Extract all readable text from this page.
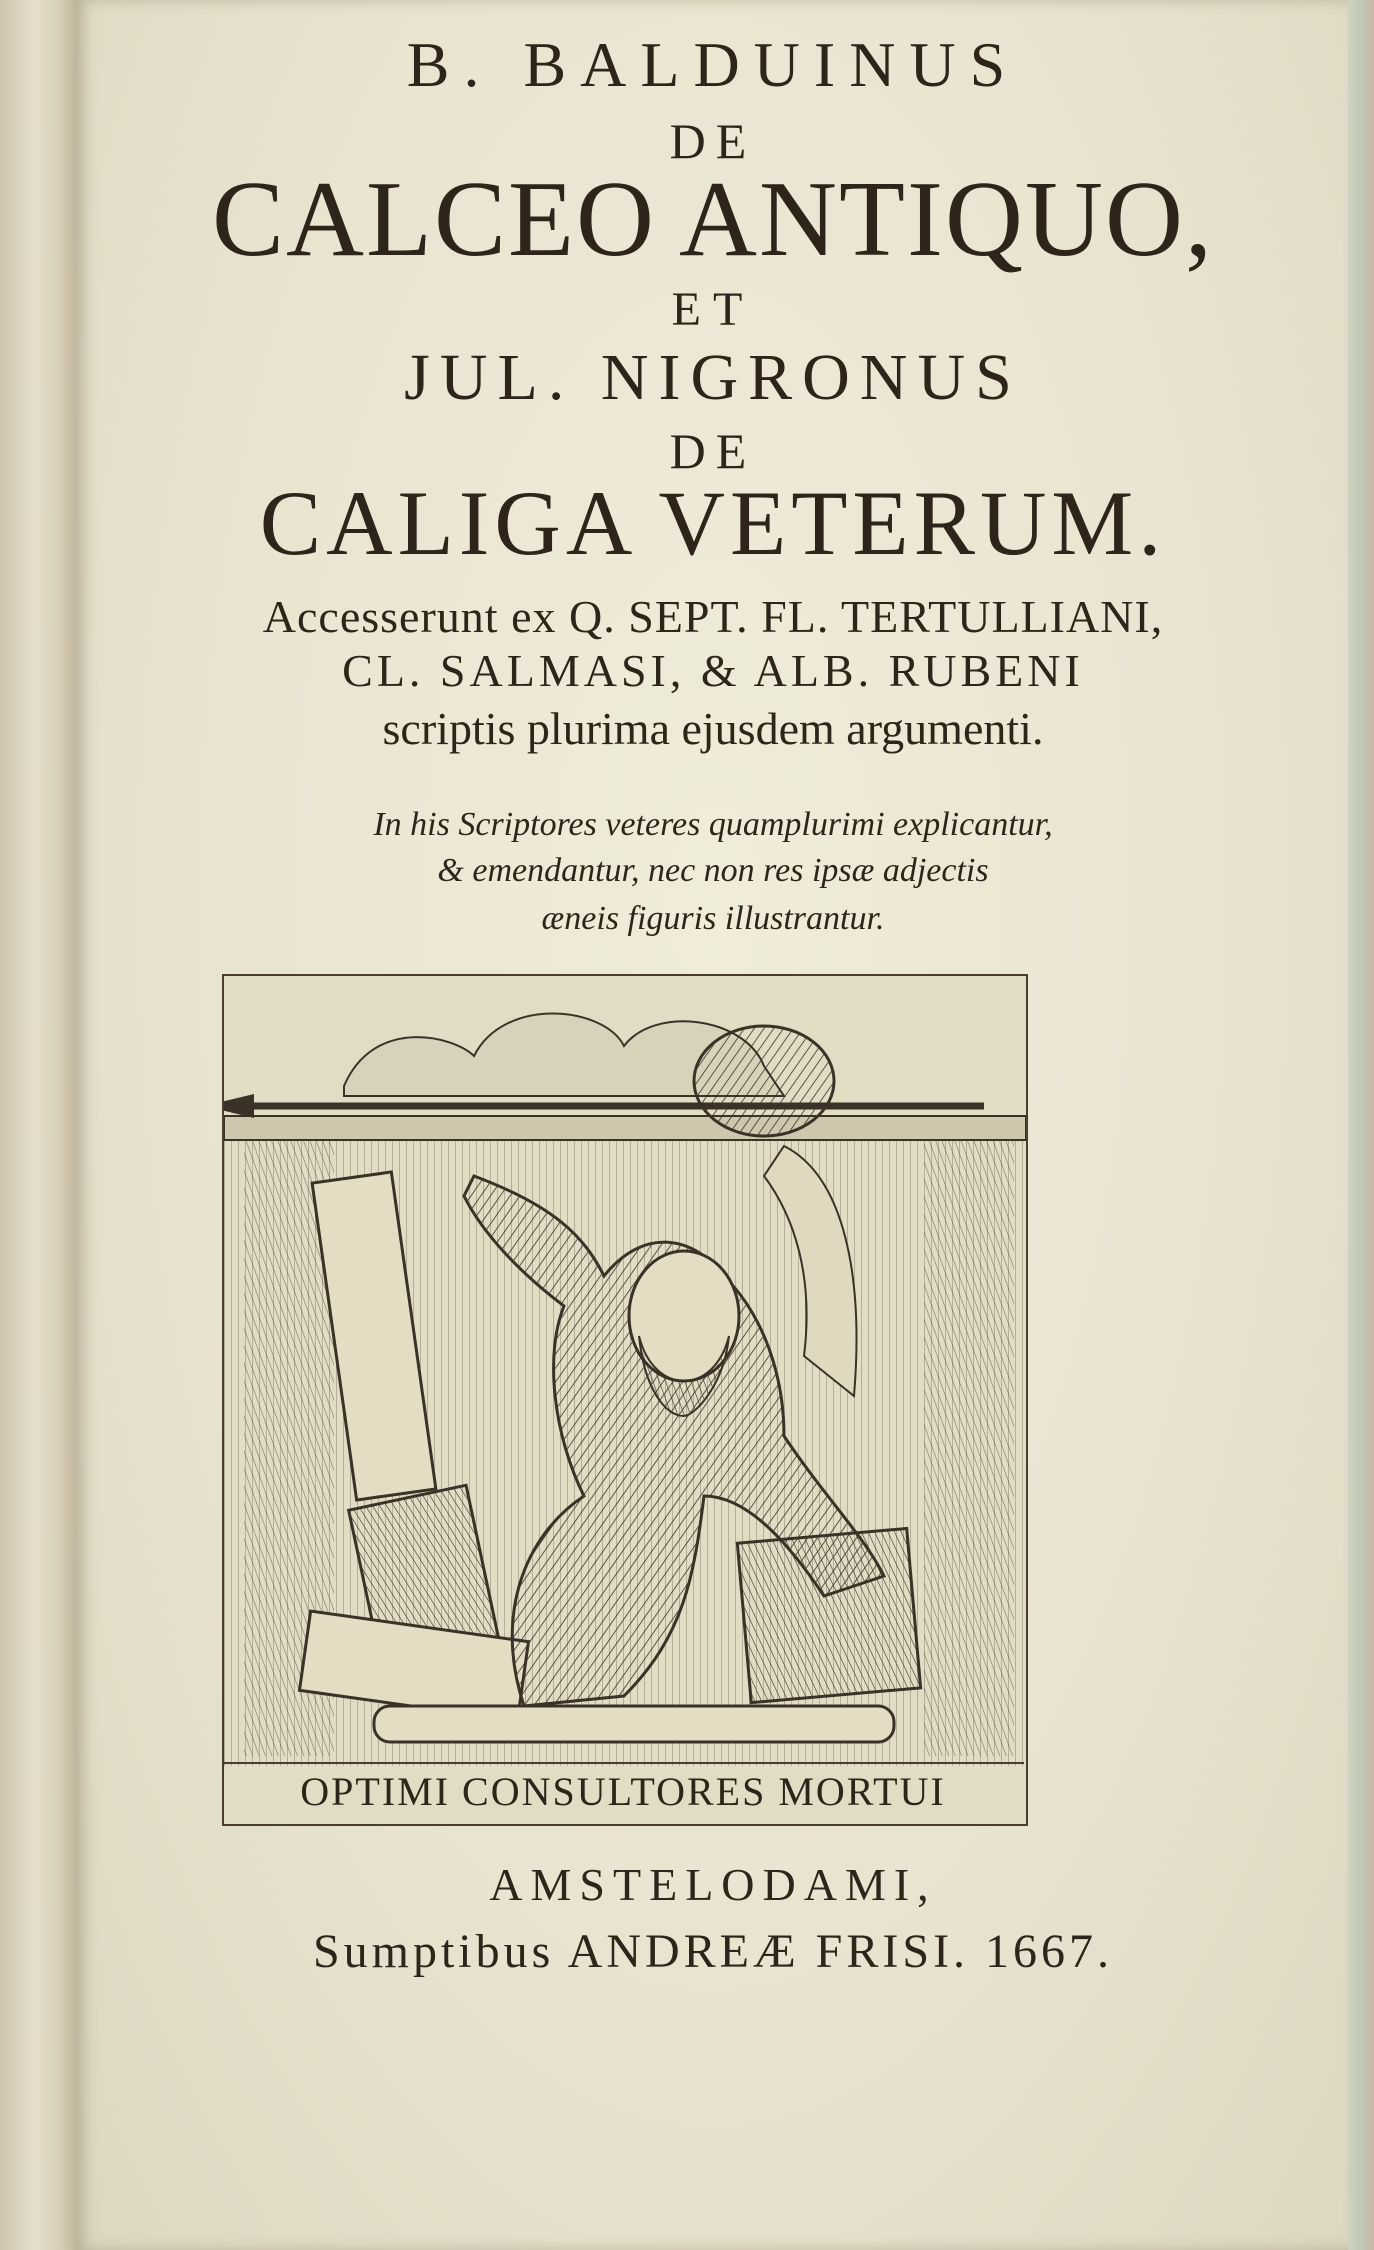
B. BALDUINUS
DE
CALCEO ANTIQUO,
ET
JUL. NIGRONUS
DE
CALIGA VETERUM.
Accesserunt ex Q. SEPT. FL. TERTULLIANI,
CL. SALMASI, & ALB. RUBENI
scriptis plurima ejusdem argumenti.
In his Scriptores veteres quamplurimi explicantur,
& emendantur, nec non res ipsæ adjectis
æneis figuris illustrantur.
OPTIMI CONSULTORES MORTUI
AMSTELODAMI,
Sumptibus ANDREÆ FRISI. 1667.
